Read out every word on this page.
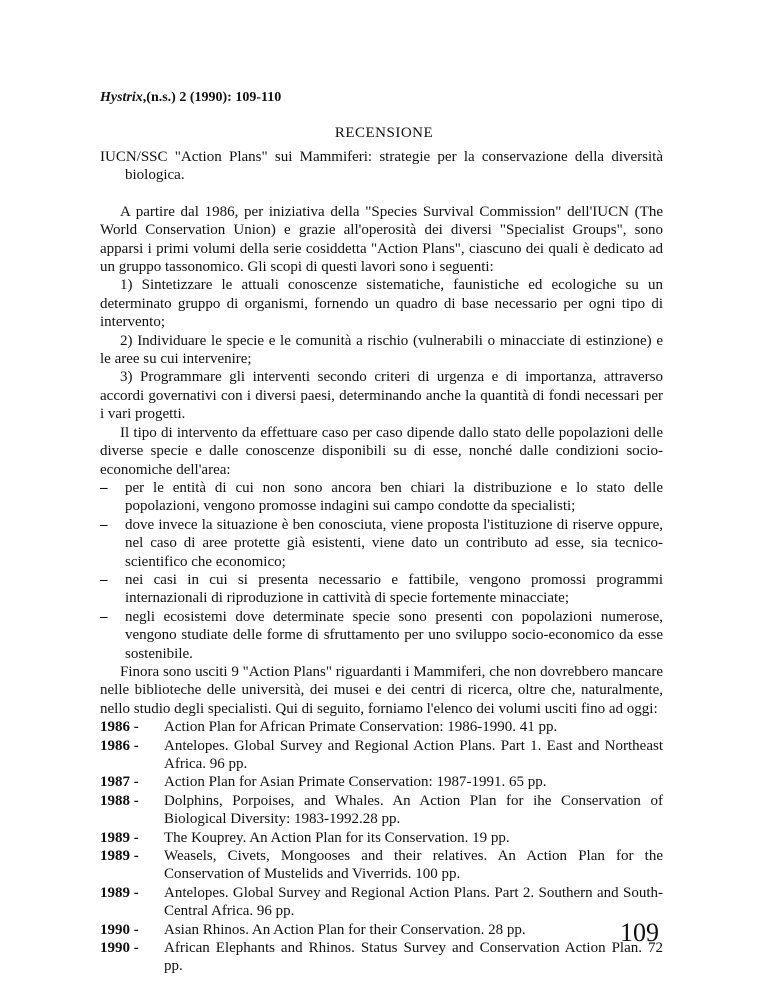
Hystrix,(n.s.) 2 (1990): 109-110
RECENSIONE

IUCN/SSC "Action Plans" sui Mammiferi: strategie per la conservazione della diversità biologica.

A partire dal 1986, per iniziativa della "Species Survival Commission" dell'IUCN (The World Conservation Union) e grazie all'operosità dei diversi "Specialist Groups", sono apparsi i primi volumi della serie cosiddetta "Action Plans", ciascuno dei quali è dedicato ad un gruppo tassonomico. Gli scopi di questi lavori sono i seguenti:

1) Sintetizzare le attuali conoscenze sistematiche, faunistiche ed ecologiche su un determinato gruppo di organismi, fornendo un quadro di base necessario per ogni tipo di intervento;

2) Individuare le specie e le comunità a rischio (vulnerabili o minacciate di estinzione) e le aree su cui intervenire;

3) Programmare gli interventi secondo criteri di urgenza e di importanza, attraverso accordi governativi con i diversi paesi, determinando anche la quantità di fondi necessari per i vari progetti.

Il tipo di intervento da effettuare caso per caso dipende dallo stato delle popolazioni delle diverse specie e dalle conoscenze disponibili su di esse, nonché dalle condizioni socio-economiche dell'area:

–	per le entità di cui non sono ancora ben chiari la distribuzione e lo stato delle popolazioni, vengono promosse indagini sui campo condotte da specialisti;
–	dove invece la situazione è ben conosciuta, viene proposta l'istituzione di riserve oppure, nel caso di aree protette già esistenti, viene dato un contributo ad esse, sia tecnico-scientifico che economico;
–	nei casi in cui si presenta necessario e fattibile, vengono promossi programmi internazionali di riproduzione in cattività di specie fortemente minacciate;
–	negli ecosistemi dove determinate specie sono presenti con popolazioni numerose, vengono studiate delle forme di sfruttamento per uno sviluppo socio-economico da esse sostenibile.

Finora sono usciti 9 "Action Plans" riguardanti i Mammiferi, che non dovrebbero mancare nelle biblioteche delle università, dei musei e dei centri di ricerca, oltre che, naturalmente, nello studio degli specialisti. Qui di seguito, forniamo l'elenco dei volumi usciti fino ad oggi:

1986 -	Action Plan for African Primate Conservation: 1986-1990. 41 pp.
1986 -	Antelopes. Global Survey and Regional Action Plans. Part 1. East and Northeast Africa. 96 pp.
1987 -	Action Plan for Asian Primate Conservation: 1987-1991. 65 pp.
1988 -	Dolphins, Porpoises, and Whales. An Action Plan for ihe Conservation of Biological Diversity: 1983-1992.28 pp.
1989 -	The Kouprey. An Action Plan for its Conservation. 19 pp.
1989 -	Weasels, Civets, Mongooses and their relatives. An Action Plan for the Conservation of Mustelids and Viverrids. 100 pp.
1989 -	Antelopes. Global Survey and Regional Action Plans. Part 2. Southern and South-Central Africa. 96 pp.
1990 -	Asian Rhinos. An Action Plan for their Conservation. 28 pp.
1990 -	African Elephants and Rhinos. Status Survey and Conservation Action Plan. 72 pp.
109
